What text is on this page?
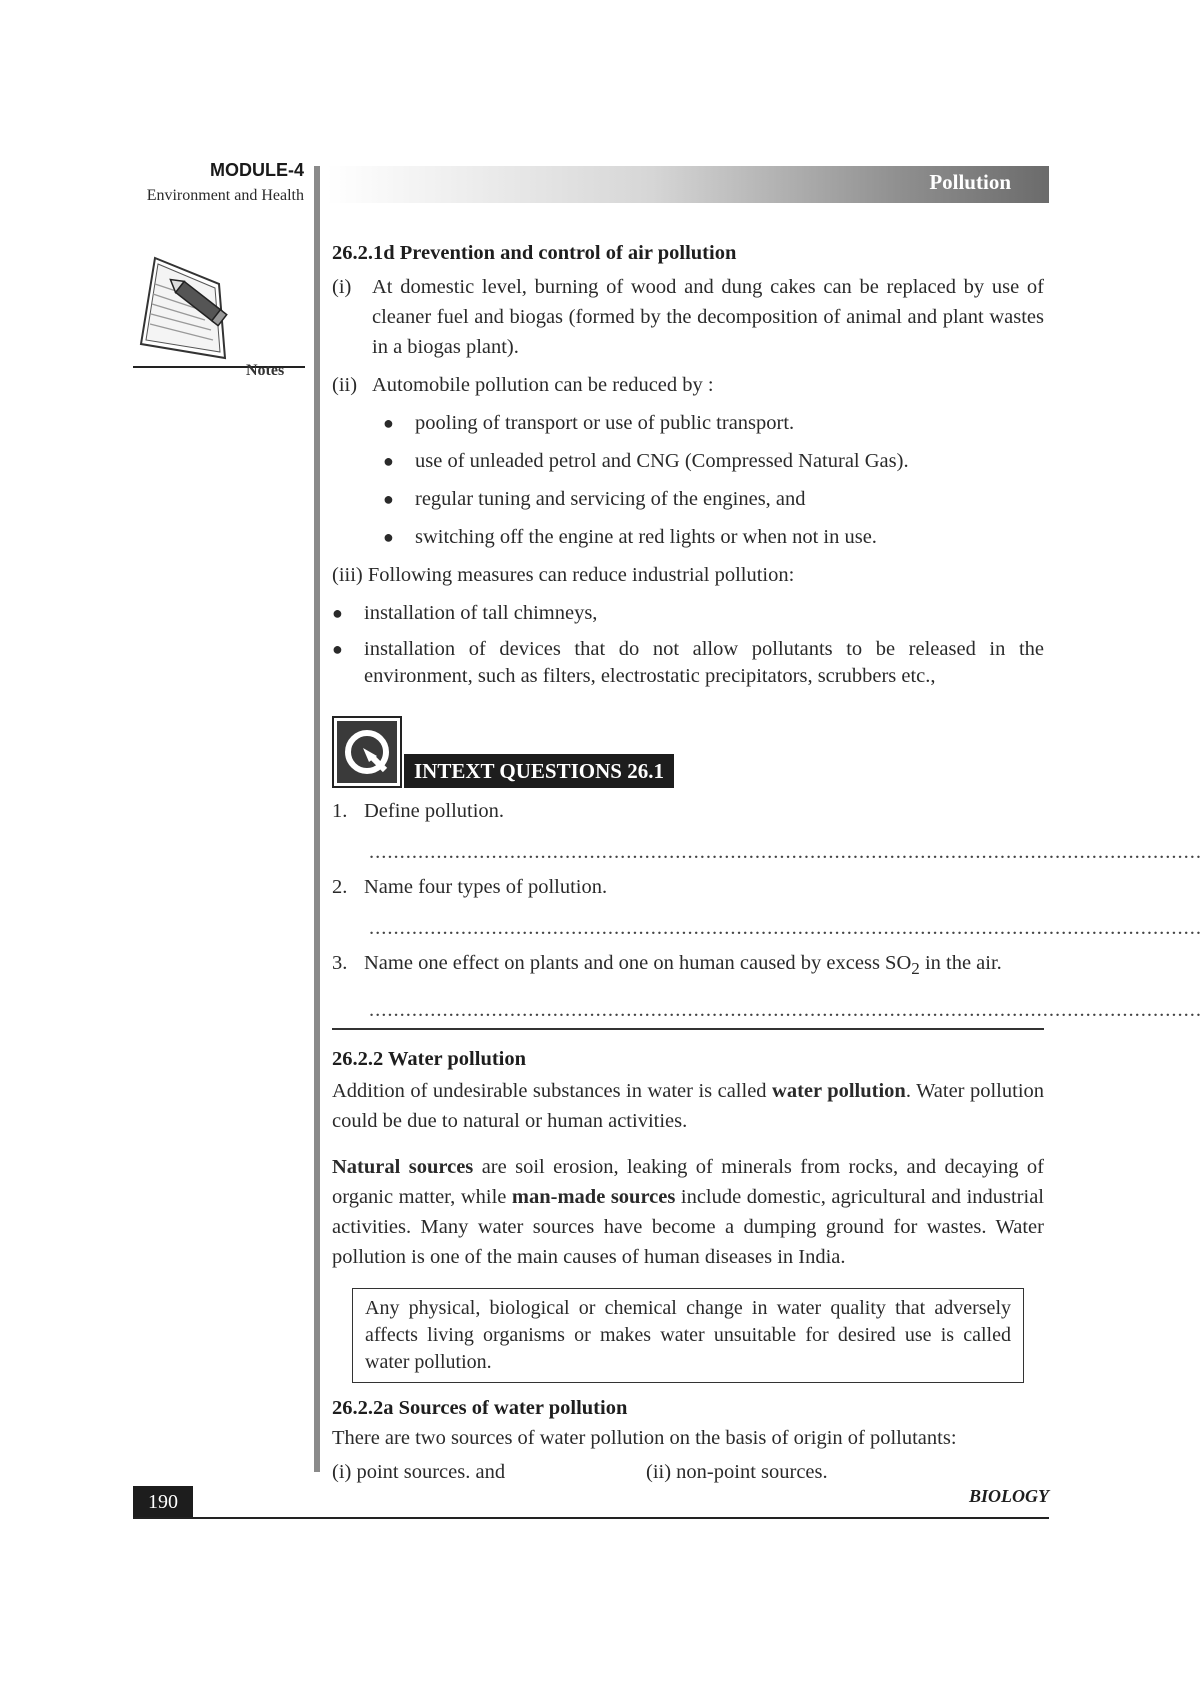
MODULE-4
Environment and Health
Notes
Pollution
26.2.1d Prevention and control of air pollution
(i)	At domestic level, burning of wood and dung cakes can be replaced by use of cleaner fuel and biogas (formed by the decomposition of animal and plant wastes in a biogas plant).
(ii) Automobile pollution can be reduced by :
●	pooling of transport or use of public transport.
●	use of unleaded petrol and CNG (Compressed Natural Gas).
●	regular tuning and servicing of the engines, and
●	switching off the engine at red lights or when not in use.
(iii) Following measures can reduce industrial pollution:
●	installation of tall chimneys,
●	installation of devices that do not allow pollutants to be released in the environment, such as filters, electrostatic precipitators, scrubbers etc.,
INTEXT QUESTIONS 26.1
1. Define pollution.
........................................................................................................................................
2. Name four types of pollution.
........................................................................................................................................
3. Name one effect on plants and one on human caused by excess $SO_2$ in the air.
........................................................................................................................................
26.2.2 Water pollution

Addition of undesirable substances in water is called water pollution. Water pollution could be due to natural or human activities.

Natural sources are soil erosion, leaking of minerals from rocks, and decaying of organic matter, while man-made sources include domestic, agricultural and industrial activities. Many water sources have become a dumping ground for wastes. Water pollution is one of the main causes of human diseases in India.

Any physical, biological or chemical change in water quality that adversely affects living organisms or makes water unsuitable for desired use is called water pollution.
26.2.2a Sources of water pollution

There are two sources of water pollution on the basis of origin of pollutants:

(i) point sources. and	(ii) non-point sources.
190	BIOLOGY
